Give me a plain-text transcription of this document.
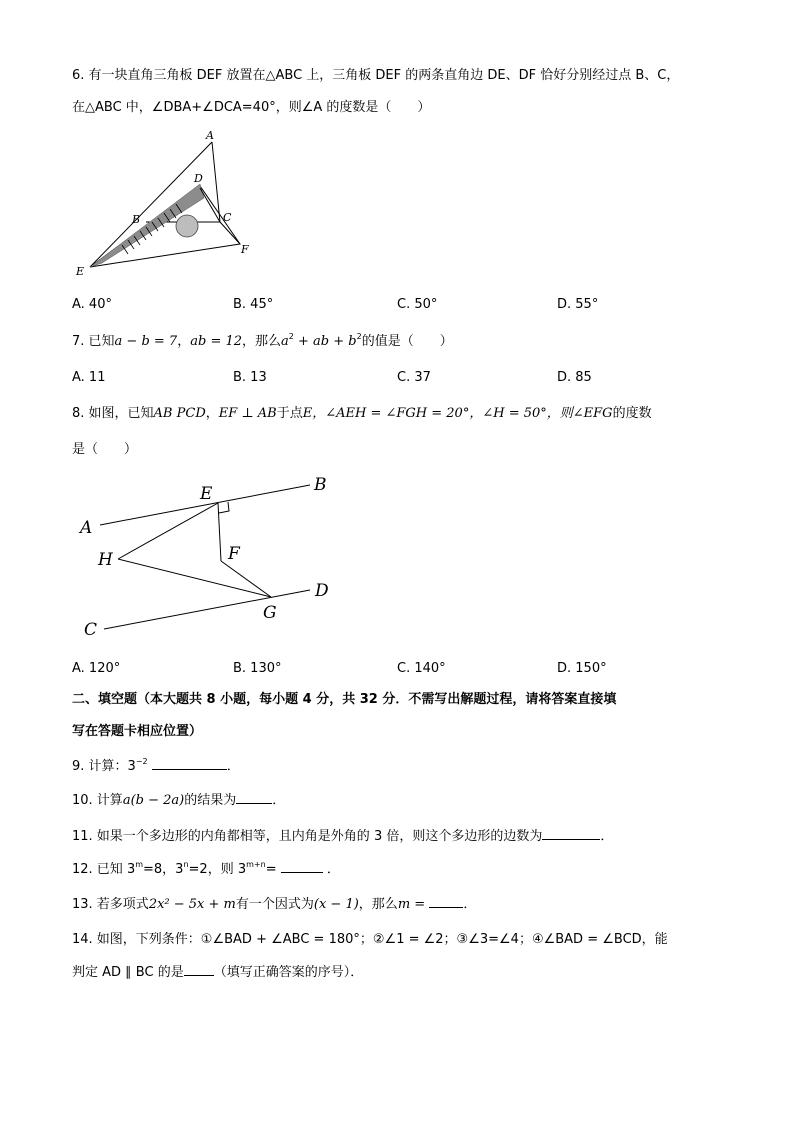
6. 有一块直角三角板 DEF 放置在△ABC 上，三角板 DEF 的两条直角边 DE、DF 恰好分别经过点 B、C，
在△ABC 中，∠DBA+∠DCA=40°，则∠A 的度数是（　　）
A
D
B	C
F
E
A. 40°	B. 45°	C. 50°	D. 55°
7. 已知a − b = 7，ab = 12，那么$a^2$ + ab + $b^2$的值是（　　）
A. 11	B. 13	C. 37	D. 85
8. 如图，已知AB PCD，EF ⊥ AB于点E，∠AEH = ∠FGH = 20°，∠H = 50°，则∠EFG的度数
是（　　）
E	B
A
H	F
D
G
C
A. 120°	B. 130°	C. 140°	D. 150°
二、填空题（本大题共 8 小题，每小题 4 分，共 32 分．不需写出解题过程，请将答案直接填
写在答题卡相应位置）
9. 计算：$3^{-2}$	．
10. 计算a(b − 2a)的结果为	．
11. 如果一个多边形的内角都相等，且内角是外角的 3 倍，则这个多边形的边数为	．
12. 已知 $3^m=8$，$3^n=2$，则 $3^{m+n}=$	．
13. 若多项式2x² − 5x + m有一个因式为(x − 1)，那么m =	．
14. 如图，下列条件：①∠BAD + ∠ABC = 180°；②∠1 = ∠2；③∠3=∠4；④∠BAD = ∠BCD，能
判定 AD ∥ BC 的是 （填写正确答案的序号）．
